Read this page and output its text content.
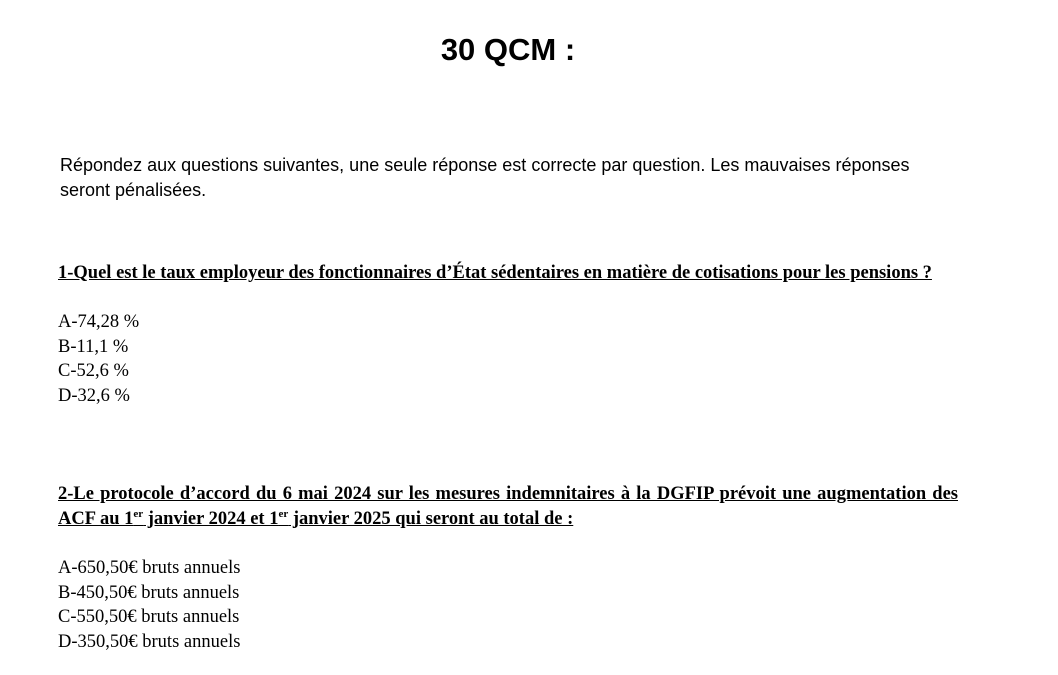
30 QCM :

Répondez aux questions suivantes, une seule réponse est correcte par question. Les mauvaises réponses seront pénalisées.

1-Quel est le taux employeur des fonctionnaires d’État sédentaires en matière de cotisations pour les pensions ?

A-74,28 %
B-11,1 %
C-52,6 %
D-32,6 %

2-Le protocole d’accord du 6 mai 2024 sur les mesures indemnitaires à la DGFIP prévoit une augmentation des ACF au 1er janvier 2024 et 1er janvier 2025 qui seront au total de :

A-650,50€ bruts annuels
B-450,50€ bruts annuels
C-550,50€ bruts annuels
D-350,50€ bruts annuels
